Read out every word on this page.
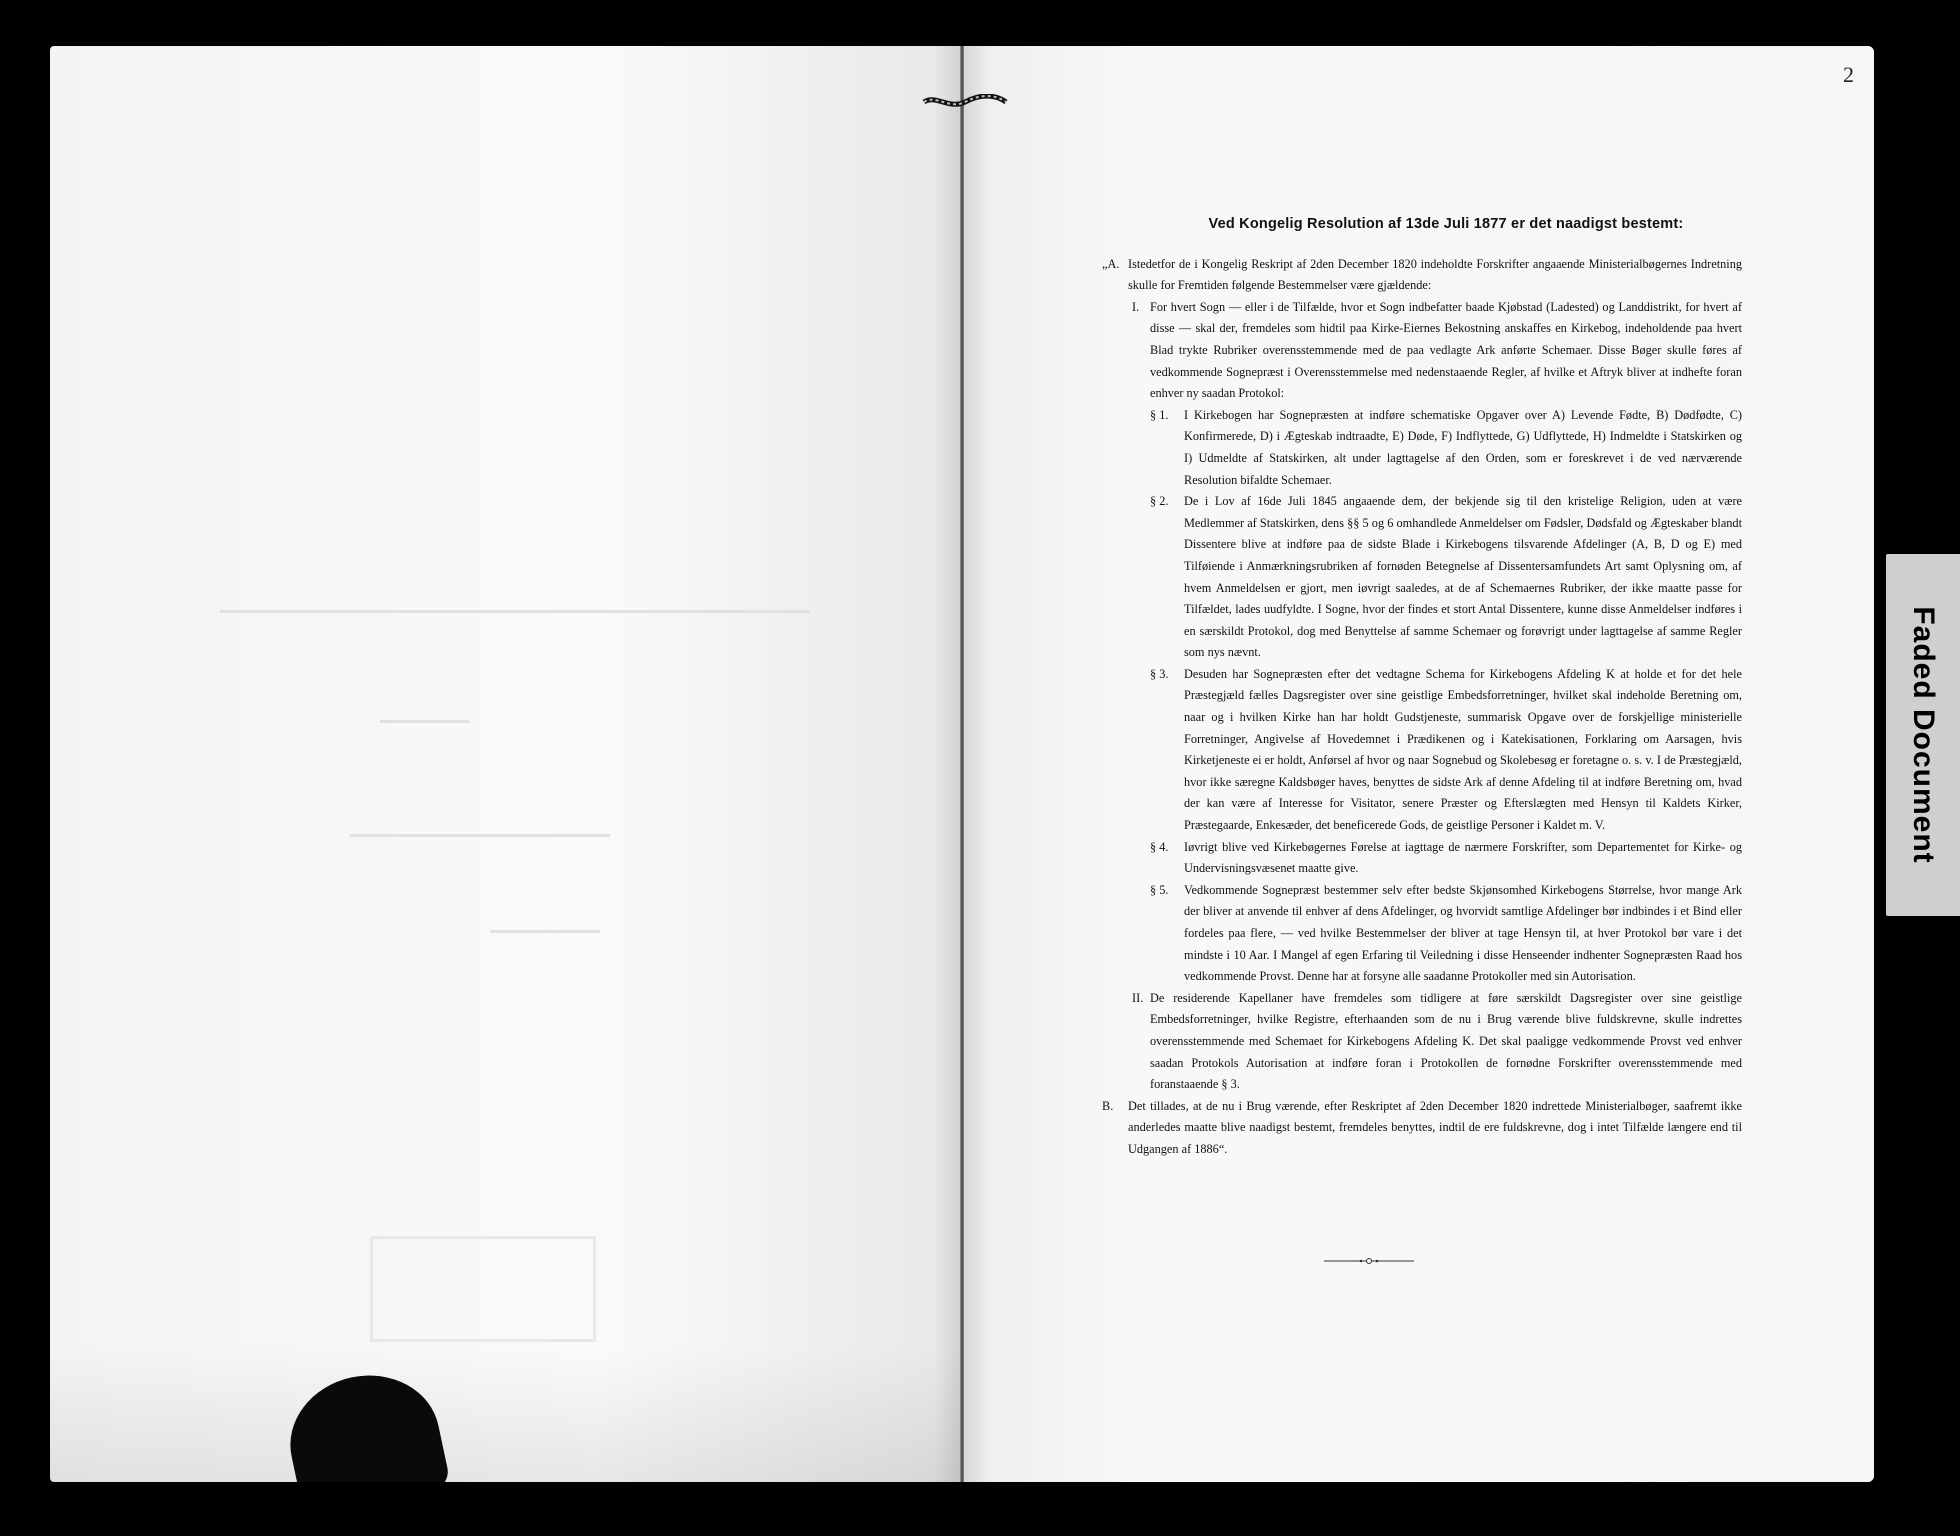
2
Ved Kongelig Resolution af 13de Juli 1877 er det naadigst bestemt:
„A. Istedetfor de i Kongelig Reskript af 2den December 1820 indeholdte Forskrifter angaaende Ministerialbøgernes Indretning skulle for Fremtiden følgende Bestemmelser være gjældende:
I. For hvert Sogn — eller i de Tilfælde, hvor et Sogn indbefatter baade Kjøbstad (Ladested) og Landdistrikt, for hvert af disse — skal der, fremdeles som hidtil paa Kirke-Eiernes Bekostning anskaffes en Kirkebog, indeholdende paa hvert Blad trykte Rubriker overensstemmende med de paa vedlagte Ark anførte Schemaer. Disse Bøger skulle føres af vedkommende Sognepræst i Overensstemmelse med nedenstaaende Regler, af hvilke et Aftryk bliver at indhefte foran enhver ny saadan Protokol:
§ 1. I Kirkebogen har Sognepræsten at indføre schematiske Opgaver over A) Levende Fødte, B) Dødfødte, C) Konfirmerede, D) i Ægteskab indtraadte, E) Døde, F) Indflyttede, G) Udflyttede, H) Indmeldte i Statskirken og I) Udmeldte af Statskirken, alt under lagttagelse af den Orden, som er foreskrevet i de ved nærværende Resolution bifaldte Schemaer.
§ 2. De i Lov af 16de Juli 1845 angaaende dem, der bekjende sig til den kristelige Religion, uden at være Medlemmer af Statskirken, dens §§ 5 og 6 omhandlede Anmeldelser om Fødsler, Dødsfald og Ægteskaber blandt Dissentere blive at indføre paa de sidste Blade i Kirkebogens tilsvarende Afdelinger (A, B, D og E) med Tilføiende i Anmærkningsrubriken af fornøden Betegnelse af Dissentersamfundets Art samt Oplysning om, af hvem Anmeldelsen er gjort, men iøvrigt saaledes, at de af Schemaernes Rubriker, der ikke maatte passe for Tilfældet, lades uudfyldte. I Sogne, hvor der findes et stort Antal Dissentere, kunne disse Anmeldelser indføres i en særskildt Protokol, dog med Benyttelse af samme Schemaer og forøvrigt under lagttagelse af samme Regler som nys nævnt.
§ 3. Desuden har Sognepræsten efter det vedtagne Schema for Kirkebogens Afdeling K at holde et for det hele Præstegjæld fælles Dagsregister over sine geistlige Embedsforretninger, hvilket skal indeholde Beretning om, naar og i hvilken Kirke han har holdt Gudstjeneste, summarisk Opgave over de forskjellige ministerielle Forretninger, Angivelse af Hovedemnet i Prædikenen og i Katekisationen, Forklaring om Aarsagen, hvis Kirketjeneste ei er holdt, Anførsel af hvor og naar Sognebud og Skolebesøg er foretagne o. s. v. I de Præstegjæld, hvor ikke særegne Kaldsbøger haves, benyttes de sidste Ark af denne Afdeling til at indføre Beretning om, hvad der kan være af Interesse for Visitator, senere Præster og Efterslægten med Hensyn til Kaldets Kirker, Præstegaarde, Enkesæder, det beneficerede Gods, de geistlige Personer i Kaldet m. V.
§ 4. Iøvrigt blive ved Kirkebøgernes Førelse at iagttage de nærmere Forskrifter, som Departementet for Kirke- og Undervisningsvæsenet maatte give.
§ 5. Vedkommende Sognepræst bestemmer selv efter bedste Skjønsomhed Kirkebogens Størrelse, hvor mange Ark der bliver at anvende til enhver af dens Afdelinger, og hvorvidt samtlige Afdelinger bør indbindes i et Bind eller fordeles paa flere, — ved hvilke Bestemmelser der bliver at tage Hensyn til, at hver Protokol bør vare i det mindste i 10 Aar. I Mangel af egen Erfaring til Veiledning i disse Henseender indhenter Sognepræsten Raad hos vedkommende Provst. Denne har at forsyne alle saadanne Protokoller med sin Autorisation.
II. De residerende Kapellaner have fremdeles som tidligere at føre særskildt Dagsregister over sine geistlige Embedsforretninger, hvilke Registre, efterhaanden som de nu i Brug værende blive fuldskrevne, skulle indrettes overensstemmende med Schemaet for Kirkebogens Afdeling K. Det skal paaligge vedkommende Provst ved enhver saadan Protokols Autorisation at indføre foran i Protokollen de fornødne Forskrifter overensstemmende med foranstaaende § 3.
B. Det tillades, at de nu i Brug værende, efter Reskriptet af 2den December 1820 indrettede Ministerialbøger, saafremt ikke anderledes maatte blive naadigst bestemt, fremdeles benyttes, indtil de ere fuldskrevne, dog i intet Tilfælde længere end til Udgangen af 1886“.
Faded Document
